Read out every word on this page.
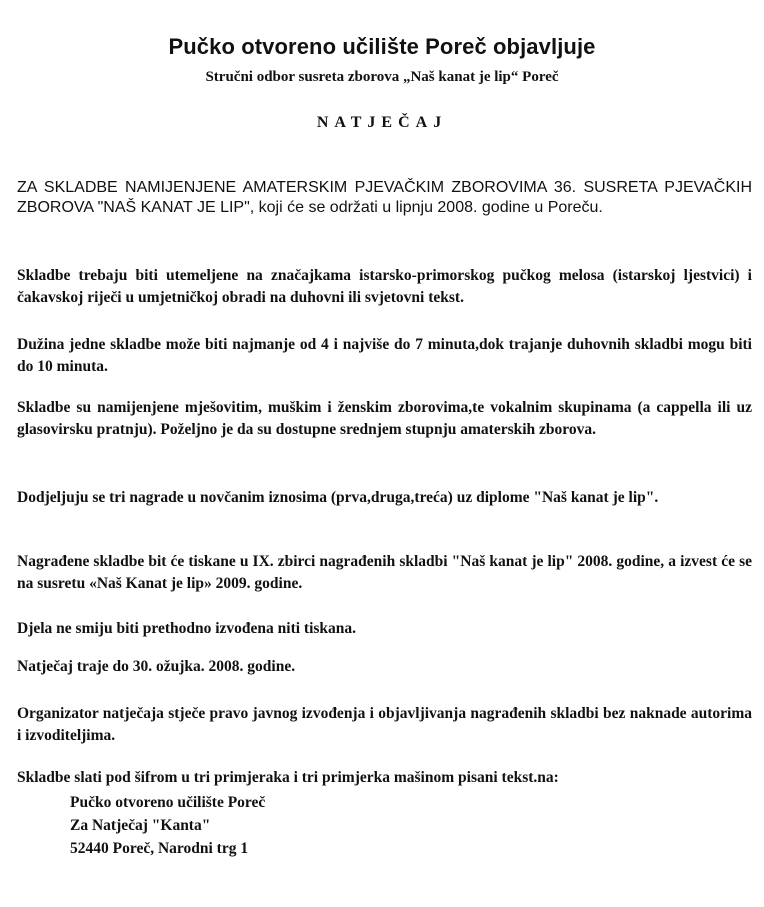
Pučko otvoreno učilište Poreč objavljuje
Stručni odbor susreta zborova „Naš kanat je lip“ Poreč
NATJEČAJ
ZA SKLADBE NAMIJENJENE AMATERSKIM PJEVAČKIM ZBOROVIMA 36. SUSRETA PJEVAČKIH ZBOROVA "NAŠ KANAT JE LIP", koji će se održati u lipnju 2008. godine u Poreču.
Skladbe trebaju biti utemeljene na značajkama istarsko-primorskog pučkog melosa (istarskoj ljestvici) i čakavskoj riječi u umjetničkoj obradi na duhovni ili svjetovni tekst.
Dužina jedne skladbe može biti najmanje od 4 i najviše do 7 minuta,dok trajanje duhovnih skladbi mogu biti do 10 minuta.
Skladbe su namijenjene mješovitim, muškim i ženskim zborovima,te vokalnim skupinama (a cappella ili uz glasovirsku pratnju). Poželjno je da su dostupne srednjem stupnju amaterskih zborova.
Dodjeljuju se tri nagrade u novčanim iznosima (prva,druga,treća) uz diplome "Naš kanat je lip".
Nagrađene skladbe bit će tiskane u IX. zbirci nagrađenih skladbi "Naš kanat je lip" 2008. godine, a izvest će se na susretu «Naš Kanat je lip» 2009. godine.
Djela ne smiju biti prethodno izvođena niti tiskana.
Natječaj traje do 30. ožujka. 2008. godine.
Organizator natječaja stječe pravo javnog izvođenja i objavljivanja nagrađenih skladbi bez naknade autorima i izvoditeljima.
Skladbe slati pod šifrom u tri primjeraka i tri primjerka mašinom pisani tekst.na:
Pučko otvoreno učilište Poreč
Za Natječaj "Kanta"
52440 Poreč, Narodni trg 1
